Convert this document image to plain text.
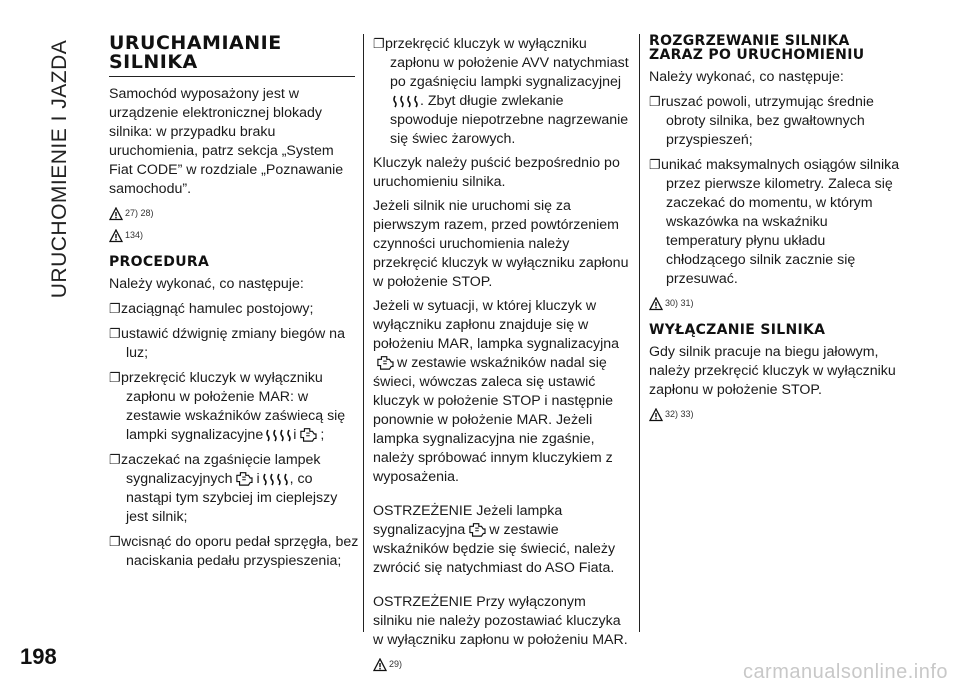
URUCHOMIENIE I JAZDA URUCHAMIANIE SILNIKA

Samochód wyposażony jest w urządzenie elektronicznej blokady silnika: w przypadku braku uruchomienia, patrz sekcja „System Fiat CODE” w rozdziale „Poznawanie samochodu”.

27) 28)
134)
PROCEDURA

Należy wykonać, co następuje:

❐zaciągnąć hamulec postojowy;

❐ustawić dźwignię zmiany biegów na luz;

❐przekręcić kluczyk w wyłączniku zapłonu w położenie MAR: w zestawie wskaźników zaświecą się lampki sygnalizacyjne i ;

❐zaczekać na zgaśnięcie lampek sygnalizacyjnych i , co nastąpi tym szybciej im cieplejszy jest silnik;

❐wcisnąć do oporu pedał sprzęgła, bez naciskania pedału przyspieszenia;

❐przekręcić kluczyk w wyłączniku zapłonu w położenie AVV natychmiast po zgaśnięciu lampki sygnalizacyjnej. Zbyt długie zwlekanie spowoduje niepotrzebne nagrzewanie się świec żarowych.

Kluczyk należy puścić bezpośrednio po uruchomieniu silnika.

Jeżeli silnik nie uruchomi się za pierwszym razem, przed powtórzeniem czynności uruchomienia należy przekręcić kluczyk w wyłączniku zapłonu w położenie STOP.

Jeżeli w sytuacji, w której kluczyk w wyłączniku zapłonu znajduje się w położeniu MAR, lampka sygnalizacyjnaw zestawie wskaźników nadal się świeci, wówczas zaleca się ustawić kluczyk w położenie STOP i następnie ponownie w położenie MAR. Jeżeli lampka sygnalizacyjna nie zgaśnie, należy spróbować innym kluczykiem z wyposażenia.

OSTRZEŻENIE Jeżeli lampka sygnalizacyjna w zestawie wskaźników będzie się świecić, należy zwrócić się natychmiast do ASO Fiata.

OSTRZEŻENIE Przy wyłączonym silniku nie należy pozostawiać kluczyka w wyłączniku zapłonu w położeniu MAR.

29)
ROZGRZEWANIE SILNIKA ZARAZ PO URUCHOMIENIU

Należy wykonać, co następuje:

❐ruszać powoli, utrzymując średnie obroty silnika, bez gwałtownych przyspieszeń;

❐unikać maksymalnych osiągów silnika przez pierwsze kilometry. Zaleca się zaczekać do momentu, w którym wskazówka na wskaźniku temperatury płynu układu chłodzącego silnik zacznie się przesuwać.

30) 31)
WYŁĄCZANIE SILNIKA

Gdy silnik pracuje na biegu jałowym, należy przekręcić kluczyk w wyłączniku zapłonu w położenie STOP.

32) 33)
198
carmanualsonline.info
